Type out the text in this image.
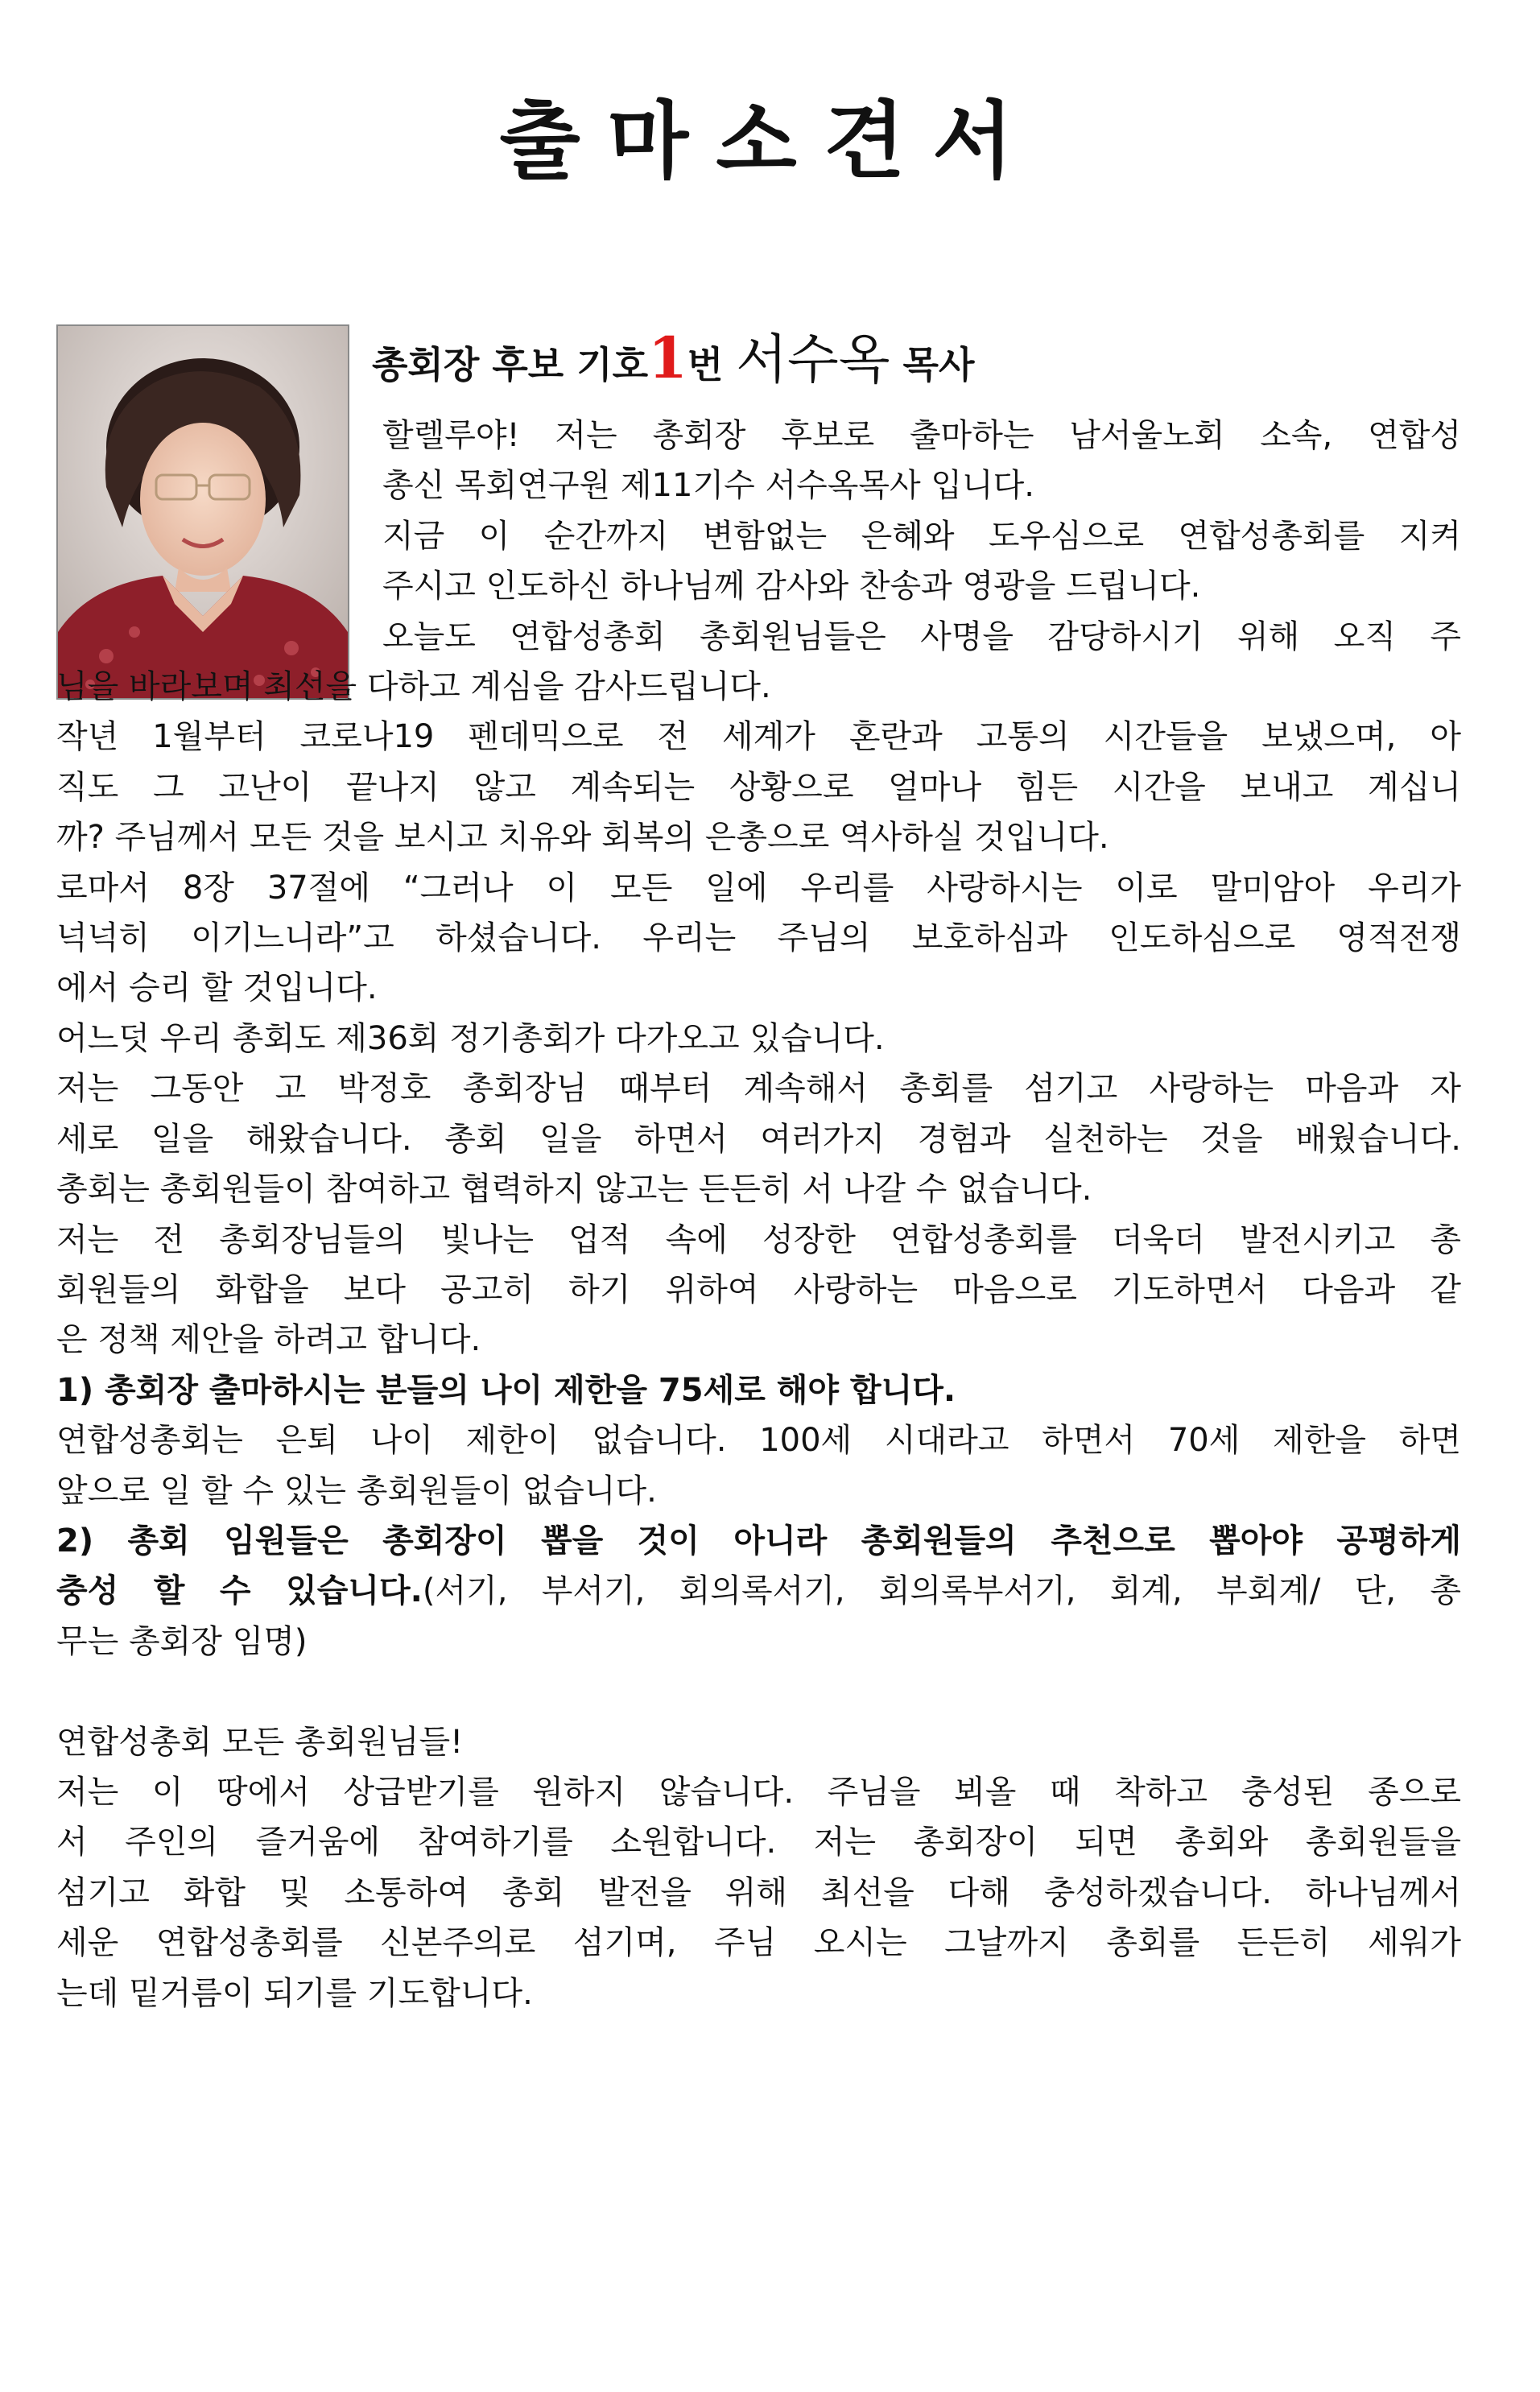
출마소견서
총회장 후보 기호1번 서수옥 목사
할렐루야! 저는 총회장 후보로 출마하는 남서울노회 소속, 연합성
총신 목회연구원 제11기수 서수옥목사 입니다.
지금 이 순간까지 변함없는 은혜와 도우심으로 연합성총회를 지켜
주시고 인도하신 하나님께 감사와 찬송과 영광을 드립니다.
오늘도 연합성총회 총회원님들은 사명을 감당하시기 위해 오직 주
님을 바라보며 최선을 다하고 계심을 감사드립니다.
작년 1월부터 코로나19 펜데믹으로 전 세계가 혼란과 고통의 시간들을 보냈으며, 아
직도 그 고난이 끝나지 않고 계속되는 상황으로 얼마나 힘든 시간을 보내고 계십니
까? 주님께서 모든 것을 보시고 치유와 회복의 은총으로 역사하실 것입니다.
로마서 8장 37절에 “그러나 이 모든 일에 우리를 사랑하시는 이로 말미암아 우리가
넉넉히 이기느니라”고 하셨습니다. 우리는 주님의 보호하심과 인도하심으로 영적전쟁
에서 승리 할 것입니다.
어느덧 우리 총회도 제36회 정기총회가 다가오고 있습니다.
저는 그동안 고 박정호 총회장님 때부터 계속해서 총회를 섬기고 사랑하는 마음과 자
세로 일을 해왔습니다. 총회 일을 하면서 여러가지 경험과 실천하는 것을 배웠습니다.
총회는 총회원들이 참여하고 협력하지 않고는 든든히 서 나갈 수 없습니다.
저는 전 총회장님들의 빛나는 업적 속에 성장한 연합성총회를 더욱더 발전시키고 총
회원들의 화합을 보다 공고히 하기 위하여 사랑하는 마음으로 기도하면서 다음과 같
은 정책 제안을 하려고 합니다.
1) 총회장 출마하시는 분들의 나이 제한을 75세로 해야 합니다.
연합성총회는 은퇴 나이 제한이 없습니다. 100세 시대라고 하면서 70세 제한을 하면
앞으로 일 할 수 있는 총회원들이 없습니다.
2) 총회 임원들은 총회장이 뽑을 것이 아니라 총회원들의 추천으로 뽑아야 공평하게
충성 할 수 있습니다.(서기, 부서기, 회의록서기, 회의록부서기, 회계, 부회계/ 단, 총
무는 총회장 임명)
연합성총회 모든 총회원님들!
저는 이 땅에서 상급받기를 원하지 않습니다. 주님을 뵈올 때 착하고 충성된 종으로
서 주인의 즐거움에 참여하기를 소원합니다. 저는 총회장이 되면 총회와 총회원들을
섬기고 화합 및 소통하여 총회 발전을 위해 최선을 다해 충성하겠습니다. 하나님께서
세운 연합성총회를 신본주의로 섬기며, 주님 오시는 그날까지 총회를 든든히 세워가
는데 밑거름이 되기를 기도합니다.
